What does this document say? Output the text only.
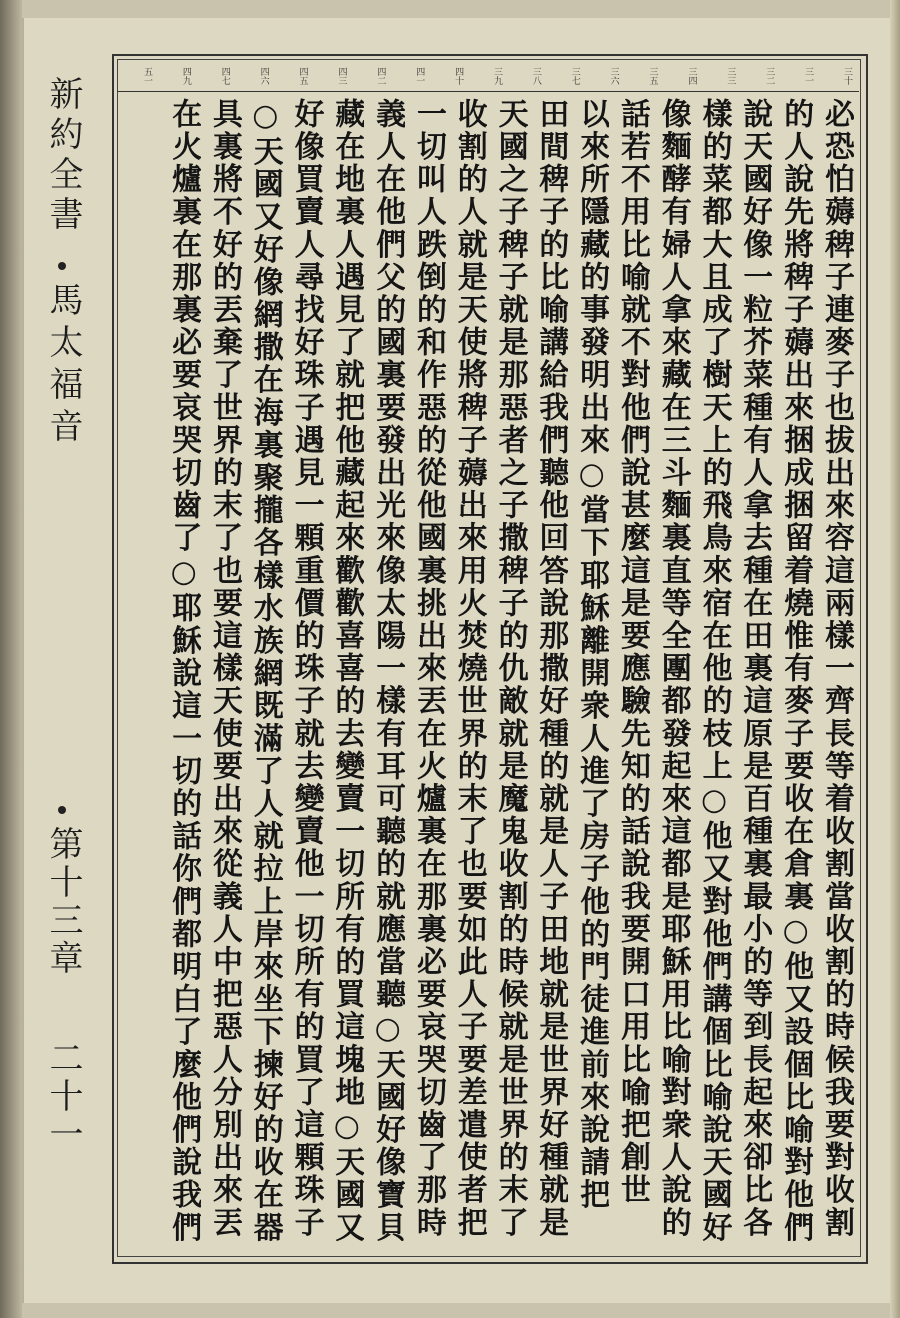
三十
三一
三二
三三
三四
三五
三六
三七
三八
三九
四十
四一
四二
四三
四五
四六
四七
四九
五一
必恐怕薅稗子連麥子也拔出來容這兩樣一齊長等着收割當收割的時候我要對收割
的人說先將稗子薅出來捆成捆留着燒惟有麥子要收在倉裏○他又設個比喻對他們
說天國好像一粒芥菜種有人拿去種在田裏這原是百種裏最小的等到長起來卻比各
樣的菜都大且成了樹天上的飛鳥來宿在他的枝上○他又對他們講個比喻說天國好
像麵酵有婦人拿來藏在三斗麵裏直等全團都發起來這都是耶穌用比喻對衆人說的
話若不用比喻就不對他們說甚麼這是要應驗先知的話說我要開口用比喻把創世
以來所隱藏的事發明出來○當下耶穌離開衆人進了房子他的門徒進前來說請把
田間稗子的比喻講給我們聽他回答說那撒好種的就是人子田地就是世界好種就是
天國之子稗子就是那惡者之子撒稗子的仇敵就是魔鬼收割的時候就是世界的末了
收割的人就是天使將稗子薅出來用火焚燒世界的末了也要如此人子要差遣使者把
一切叫人跌倒的和作惡的從他國裏挑出來丟在火爐裏在那裏必要哀哭切齒了那時
義人在他們父的國裏要發出光來像太陽一樣有耳可聽的就應當聽○天國好像寶貝
藏在地裏人遇見了就把他藏起來歡歡喜喜的去變賣一切所有的買這塊地○天國又
好像買賣人尋找好珠子遇見一顆重價的珠子就去變賣他一切所有的買了這顆珠子
○天國又好像網撒在海裏聚攏各樣水族網既滿了人就拉上岸來坐下揀好的收在器
具裏將不好的丟棄了世界的末了也要這樣天使要出來從義人中把惡人分別出來丟
在火爐裏在那裏必要哀哭切齒了○耶穌說這一切的話你們都明白了麼他們說我們
新約全書
馬太福音
第十三章
二十一
